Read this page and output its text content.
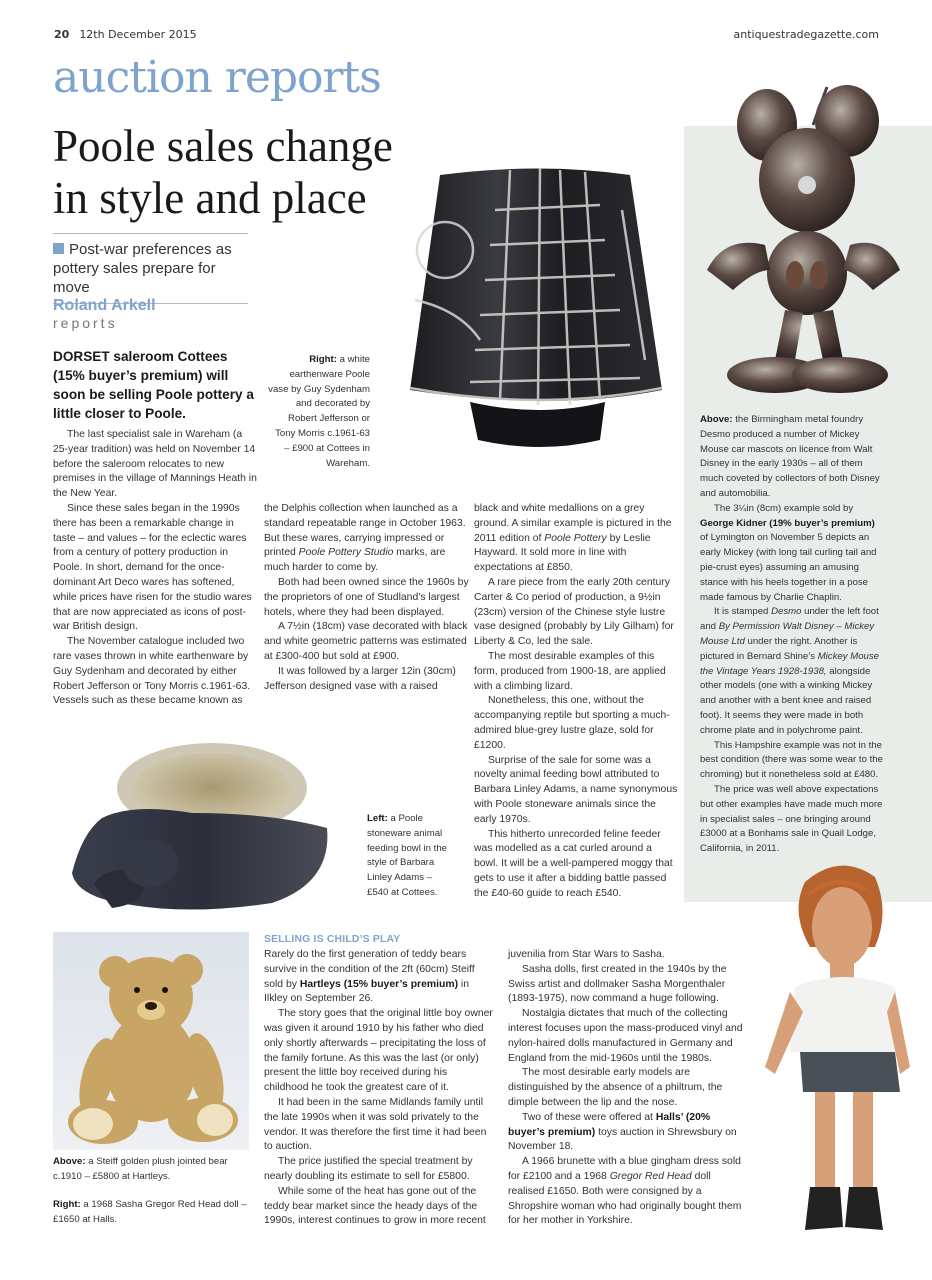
20 12th December 2015	antiquestradegazette.com
auction reports
Poole sales change
in style and place
Post-war preferences as pottery sales prepare for move
Roland Arkell
reports
DORSET saleroom Cottees (15% buyer’s premium) will soon be selling Poole pottery a little closer to Poole.
Right: a white earthenware Poole vase by Guy Sydenham and decorated by Robert Jefferson or Tony Morris c.1961-63 – £900 at Cottees in Wareham.

Above: the Birmingham metal foundry Desmo produced a number of Mickey Mouse car mascots on licence from Walt Disney in the early 1930s – all of them much coveted by collectors of both Disney and automobilia.

The 3¼in (8cm) example sold by George Kidner (19% buyer’s premium) of Lymington on November 5 depicts an early Mickey (with long tail curling tail and pie-crust eyes) assuming an amusing stance with his heels together in a pose made famous by Charlie Chaplin.

It is stamped Desmo under the left foot and By Permission Walt Disney – Mickey Mouse Ltd under the right. Another is pictured in Bernard Shine’s Mickey Mouse the Vintage Years 1928-1938, alongside other models (one with a winking Mickey and another with a bent knee and raised foot). It seems they were made in both chrome plate and in polychrome paint.

This Hampshire example was not in the best condition (there was some wear to the chroming) but it nonetheless sold at £480.

The price was well above expectations but other examples have made much more in specialist sales – one bringing around £3000 at a Bonhams sale in Quail Lodge, California, in 2011.

The last specialist sale in Wareham (a 25-year tradition) was held on November 14 before the saleroom relocates to new premises in the village of Mannings Heath in the New Year.

Since these sales began in the 1990s there has been a remarkable change in taste – and values – for the eclectic wares from a century of pottery production in Poole. In short, demand for the once-dominant Art Deco wares has softened, while prices have risen for the studio wares that are now appreciated as icons of post-war British design.

The November catalogue included two rare vases thrown in white earthenware by Guy Sydenham and decorated by either Robert Jefferson or Tony Morris c.1961-63. Vessels such as these became known as

the Delphis collection when launched as a standard repeatable range in October 1963. But these wares, carrying impressed or printed Poole Pottery Studio marks, are much harder to come by.

Both had been owned since the 1960s by the proprietors of one of Studland’s largest hotels, where they had been displayed.

A 7½in (18cm) vase decorated with black and white geometric patterns was estimated at £300-400 but sold at £900.

It was followed by a larger 12in (30cm) Jefferson designed vase with a raised

black and white medallions on a grey ground. A similar example is pictured in the 2011 edition of Poole Pottery by Leslie Hayward. It sold more in line with expectations at £850.

A rare piece from the early 20th century Carter & Co period of production, a 9½in (23cm) version of the Chinese style lustre vase designed (probably by Lily Gilham) for Liberty & Co, led the sale.

The most desirable examples of this form, produced from 1900-18, are applied with a climbing lizard.

Nonetheless, this one, without the accompanying reptile but sporting a much-admired blue-grey lustre glaze, sold for £1200.

Surprise of the sale for some was a novelty animal feeding bowl attributed to Barbara Linley Adams, a name synonymous with Poole stoneware animals since the early 1970s.

This hitherto unrecorded feline feeder was modelled as a cat curled around a bowl. It will be a well-pampered moggy that gets to use it after a bidding battle passed the £40-60 guide to reach £540.

Left: a Poole stoneware animal feeding bowl in the style of Barbara Linley Adams – £540 at Cottees.
Above: a Steiff golden plush jointed bear c.1910 – £5800 at Hartleys.
Right: a 1968 Sasha Gregor Red Head doll – £1650 at Halls.
SELLING IS CHILD’S PLAY

Rarely do the first generation of teddy bears survive in the condition of the 2ft (60cm) Steiff sold by Hartleys (15% buyer’s premium) in Ilkley on September 26.

The story goes that the original little boy owner was given it around 1910 by his father who died only shortly afterwards – precipitating the loss of the family fortune. As this was the last (or only) present the little boy received during his childhood he took the greatest care of it.

It had been in the same Midlands family until the late 1990s when it was sold privately to the vendor. It was therefore the first time it had been to auction.

The price justified the special treatment by nearly doubling its estimate to sell for £5800.

While some of the heat has gone out of the teddy bear market since the heady days of the 1990s, interest continues to grow in more recent

juvenilia from Star Wars to Sasha.

Sasha dolls, first created in the 1940s by the Swiss artist and dollmaker Sasha Morgenthaler (1893-1975), now command a huge following.

Nostalgia dictates that much of the collecting interest focuses upon the mass-produced vinyl and nylon-haired dolls manufactured in Germany and England from the mid-1960s until the 1980s.

The most desirable early models are distinguished by the absence of a philtrum, the dimple between the lip and the nose.

Two of these were offered at Halls’ (20% buyer’s premium) toys auction in Shrewsbury on November 18.

A 1966 brunette with a blue gingham dress sold for £2100 and a 1968 Gregor Red Head doll realised £1650. Both were consigned by a Shropshire woman who had originally bought them for her mother in Yorkshire.
